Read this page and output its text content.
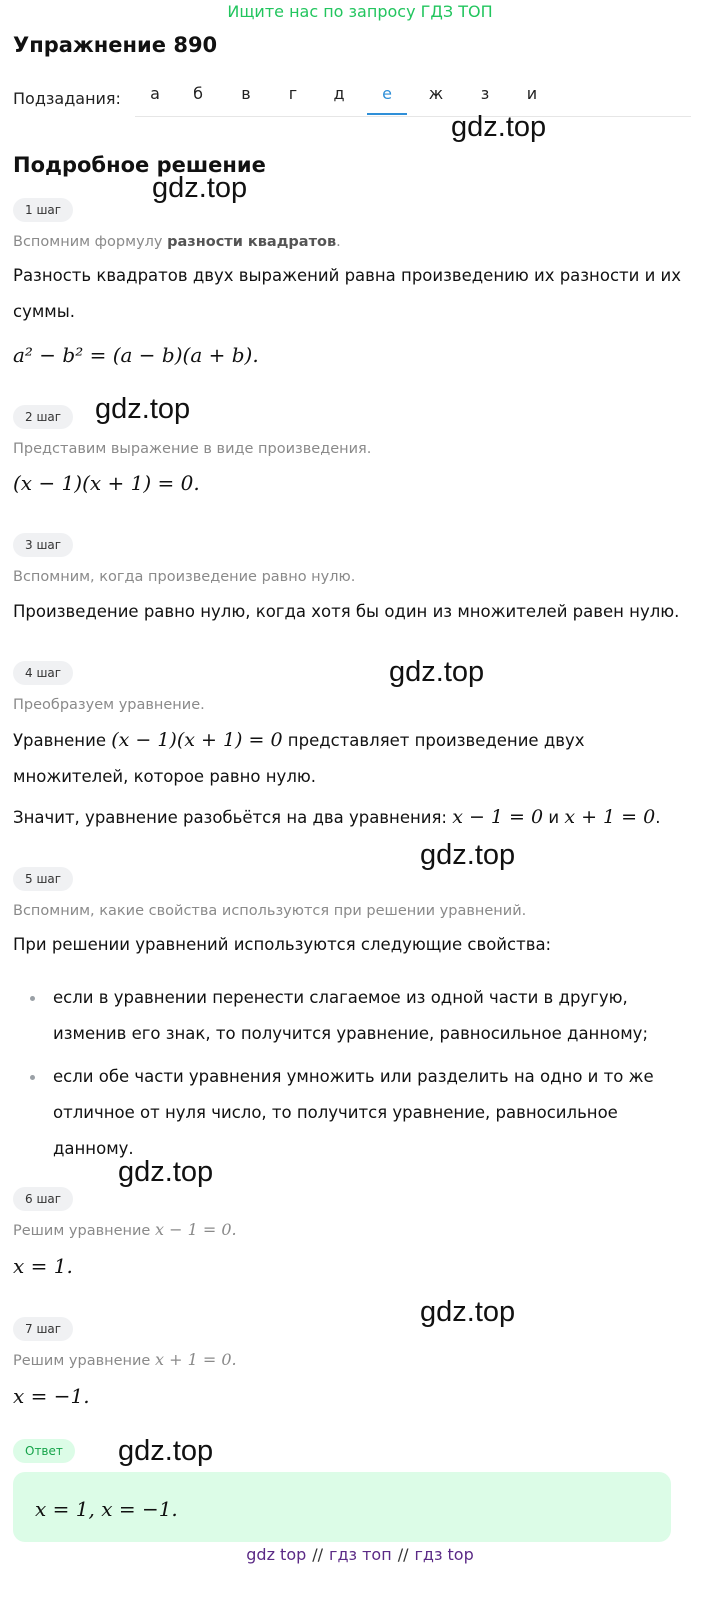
Ищите нас по запросу ГДЗ ТОП
Упражнение 890
Подзадания:	а	б	в	г	д	е	ж	з	и
gdz.top
gdz.top
gdz.top
gdz.top
gdz.top
gdz.top
gdz.top
gdz.top
Подробное решение
1 шаг
Вспомним формулу разности квадратов.
Разность квадратов двух выражений равна произведению их разности и их суммы.
a² − b² = (a − b)(a + b).
2 шаг
Представим выражение в виде произведения.
(x − 1)(x + 1) = 0.
3 шаг
Вспомним, когда произведение равно нулю.
Произведение равно нулю, когда хотя бы один из множителей равен нулю.
4 шаг
Преобразуем уравнение.
Уравнение (x − 1)(x + 1) = 0 представляет произведение двух множителей, которое равно нулю.
Значит, уравнение разобьётся на два уравнения: x − 1 = 0 и x + 1 = 0.
5 шаг
Вспомним, какие свойства используются при решении уравнений.
При решении уравнений используются следующие свойства:
если в уравнении перенести слагаемое из одной части в другую, изменив его знак, то получится уравнение, равносильное данному;
если обе части уравнения умножить или разделить на одно и то же отличное от нуля число, то получится уравнение, равносильное данному.
6 шаг
Решим уравнение x − 1 = 0.
x = 1.
7 шаг
Решим уравнение x + 1 = 0.
x = −1.
Ответ
x = 1, x = −1.
gdz top // гдз топ // гдз top
